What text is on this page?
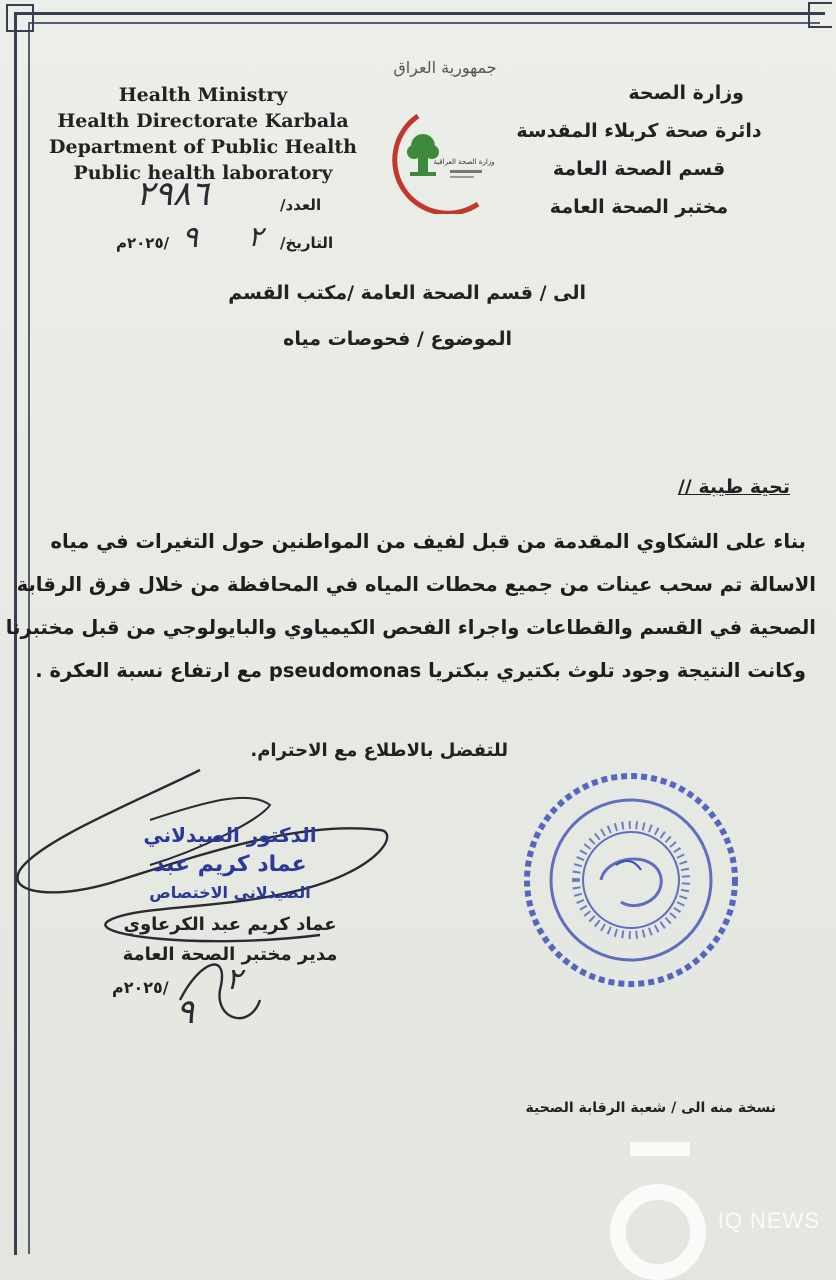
Health Ministry
Health Directorate Karbala
Department of Public Health
Public health laboratory
جمهورية العراق
وزارة الصحة العراقية
وزارة الصحة
دائرة صحة كربلاء المقدسة
قسم الصحة العامة
مختبر الصحة العامة
العدد/
٢٩٨٦
التاريخ/
٢
٩
/٢٠٢٥م
الى / قسم الصحة العامة /مكتب القسم
الموضوع / فحوصات مياه
تحية طيبة //
بناء على الشكاوي المقدمة من قبل لفيف من المواطنين حول التغيرات في مياه
الاسالة تم سحب عينات من جميع محطات المياه في المحافظة من خلال فرق الرقابة
الصحية في القسم والقطاعات واجراء الفحص الكيمياوي والبايولوجي من قبل مختبرنا
وكانت النتيجة وجود تلوث بكتيري ببكتريا pseudomonas مع ارتفاع نسبة العكرة .
للتفضل بالاطلاع مع الاحترام.
الدكتور الصيدلاني
عماد كريم عبد
الصيدلاني الاختصاص
عماد كريم عبد الكرعاوي
مدير مختبر الصحة العامة
/٢٠٢٥م ٢
٩
نسخة منه الى / شعبة الرقابة الصحية
IQ NEWS
